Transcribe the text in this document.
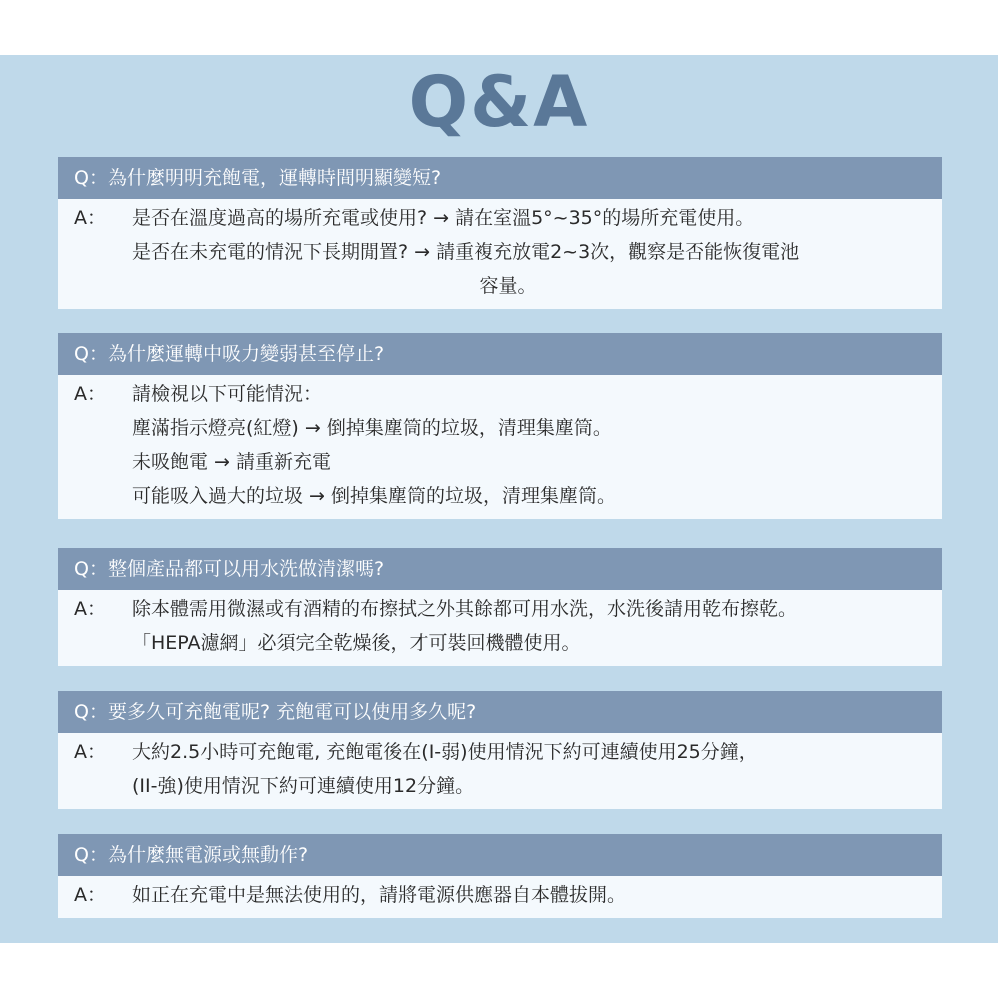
Q&A
Q：為什麼明明充飽電，運轉時間明顯變短?
A：	是否在溫度過高的場所充電或使用? → 請在室溫5°~35°的場所充電使用。
是否在未充電的情況下長期閒置? → 請重複充放電2~3次，觀察是否能恢復電池
容量。
Q：為什麼運轉中吸力變弱甚至停止?
A：	請檢視以下可能情況：
塵滿指示燈亮(紅燈) → 倒掉集塵筒的垃圾，清理集塵筒。
未吸飽電 → 請重新充電
可能吸入過大的垃圾 → 倒掉集塵筒的垃圾，清理集塵筒。
Q：整個產品都可以用水洗做清潔嗎?
A：	除本體需用微濕或有酒精的布擦拭之外其餘都可用水洗，水洗後請用乾布擦乾。
「HEPA濾網」必須完全乾燥後，才可裝回機體使用。
Q：要多久可充飽電呢? 充飽電可以使用多久呢?
A：	大約2.5小時可充飽電, 充飽電後在(I-弱)使用情況下約可連續使用25分鐘，
(II-強)使用情況下約可連續使用12分鐘。
Q：為什麼無電源或無動作?
A：	如正在充電中是無法使用的，請將電源供應器自本體拔開。
